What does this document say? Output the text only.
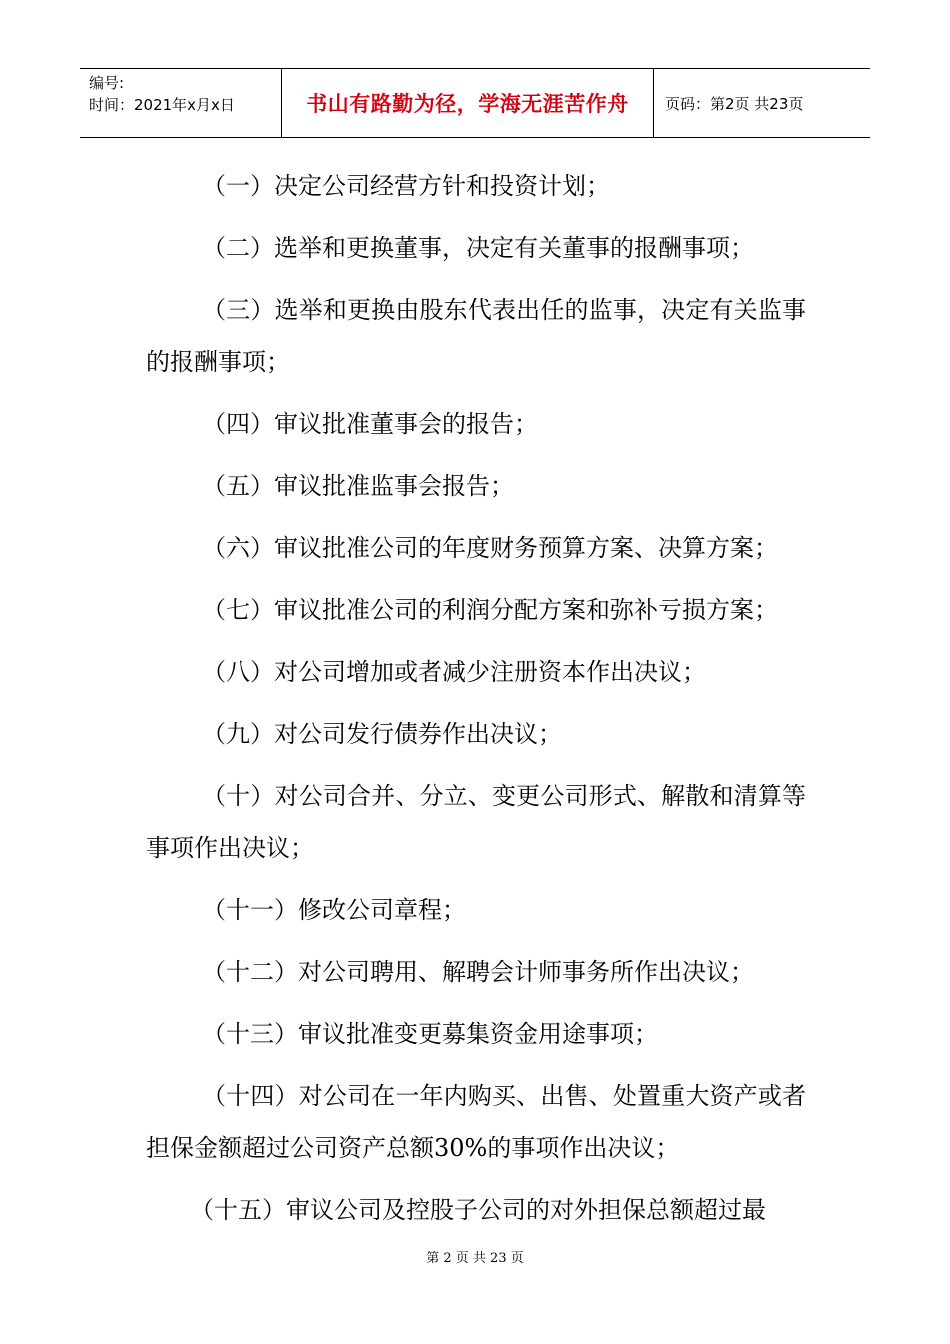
编号:
时间：2021年x月x日	书山有路勤为径，学海无涯苦作舟	页码：第2页 共23页

（一）决定公司经营方针和投资计划；

（二）选举和更换董事，决定有关董事的报酬事项；

（三）选举和更换由股东代表出任的监事，决定有关监事的报酬事项；

（四）审议批准董事会的报告；

（五）审议批准监事会报告；

（六）审议批准公司的年度财务预算方案、决算方案；

（七）审议批准公司的利润分配方案和弥补亏损方案；

（八）对公司增加或者减少注册资本作出决议；

（九）对公司发行债券作出决议；

（十）对公司合并、分立、变更公司形式、解散和清算等事项作出决议；

（十一）修改公司章程；

（十二）对公司聘用、解聘会计师事务所作出决议；

（十三）审议批准变更募集资金用途事项；

（十四）对公司在一年内购买、出售、处置重大资产或者担保金额超过公司资产总额30%的事项作出决议；

（十五）审议公司及控股子公司的对外担保总额超过最

第 2 页 共 23 页
